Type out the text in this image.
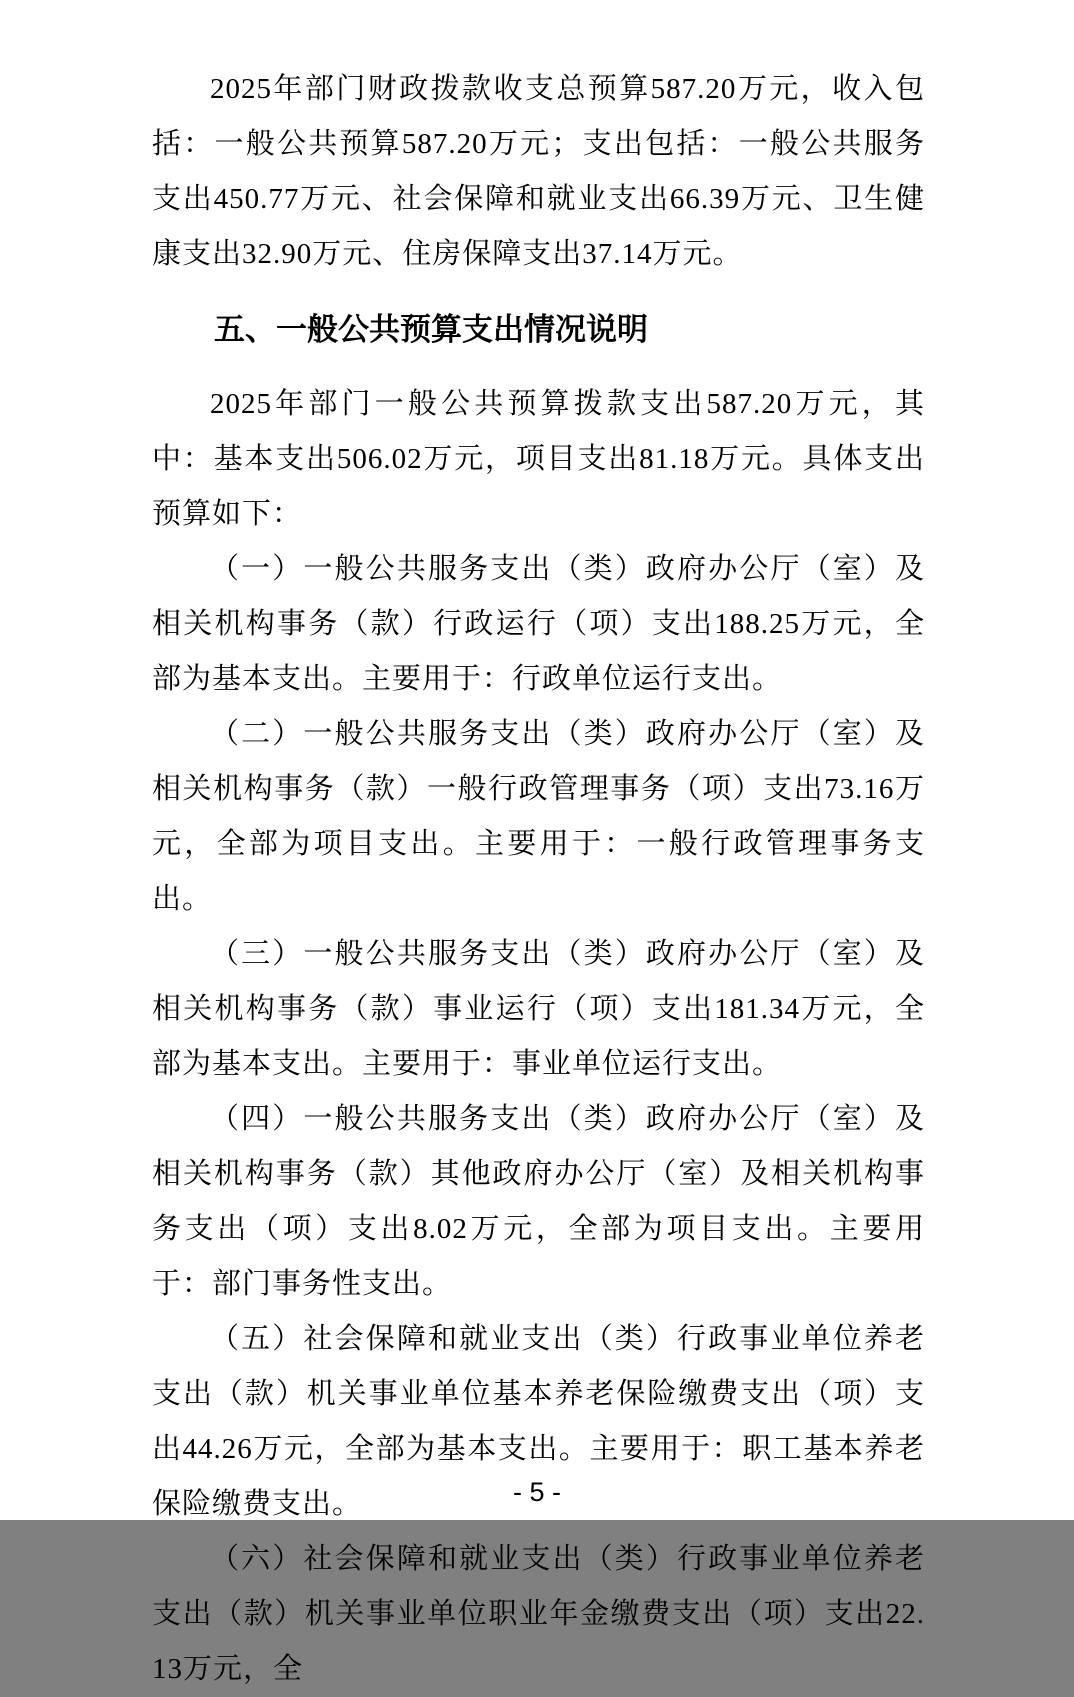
2025年部门财政拨款收支总预算587.20万元，收入包括：一般公共预算587.20万元；支出包括：一般公共服务支出450.77万元、社会保障和就业支出66.39万元、卫生健康支出32.90万元、住房保障支出37.14万元。

五、一般公共预算支出情况说明

2025年部门一般公共预算拨款支出587.20万元，其中：基本支出506.02万元，项目支出81.18万元。具体支出预算如下：

（一）一般公共服务支出（类）政府办公厅（室）及相关机构事务（款）行政运行（项）支出188.25万元，全部为基本支出。主要用于：行政单位运行支出。

（二）一般公共服务支出（类）政府办公厅（室）及相关机构事务（款）一般行政管理事务（项）支出73.16万元，全部为项目支出。主要用于：一般行政管理事务支出。

（三）一般公共服务支出（类）政府办公厅（室）及相关机构事务（款）事业运行（项）支出181.34万元，全部为基本支出。主要用于：事业单位运行支出。

（四）一般公共服务支出（类）政府办公厅（室）及相关机构事务（款）其他政府办公厅（室）及相关机构事务支出（项）支出8.02万元，全部为项目支出。主要用于：部门事务性支出。

（五）社会保障和就业支出（类）行政事业单位养老支出（款）机关事业单位基本养老保险缴费支出（项）支出44.26万元，全部为基本支出。主要用于：职工基本养老保险缴费支出。

（六）社会保障和就业支出（类）行政事业单位养老支出（款）机关事业单位职业年金缴费支出（项）支出22.13万元，全

- 5 -
